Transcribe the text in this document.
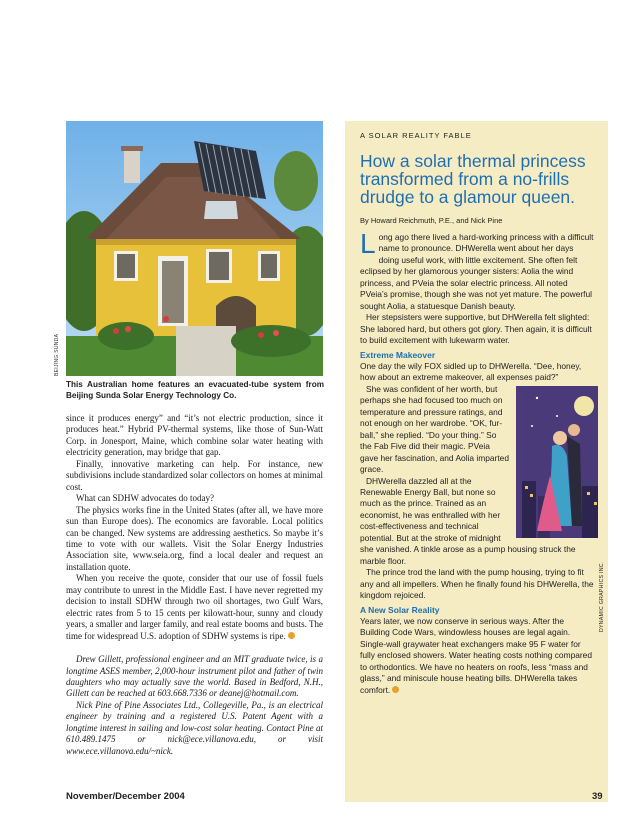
BEIJING SUNDA
This Australian home features an evacuated-tube system from Beijing Sunda Solar Energy Technology Co.

since it produces energy” and “it’s not electric production, since it produces heat.” Hybrid PV-thermal systems, like those of Sun-Watt Corp. in Jonesport, Maine, which combine solar water heating with electricity generation, may bridge that gap.

Finally, innovative marketing can help. For instance, new subdivisions include standardized solar collectors on homes at minimal cost.

What can SDHW advocates do today?

The physics works fine in the United States (after all, we have more sun than Europe does). The economics are favorable. Local politics can be changed. New systems are addressing aesthetics. So maybe it’s time to vote with our wallets. Visit the Solar Energy Industries Association site, www.seia.org, find a local dealer and request an installation quote.

When you receive the quote, consider that our use of fossil fuels may contribute to unrest in the Middle East. I have never regretted my decision to install SDHW through two oil shortages, two Gulf Wars, electric rates from 5 to 15 cents per kilowatt-hour, sunny and cloudy years, a smaller and larger family, and real estate booms and busts. The time for widespread U.S. adoption of SDHW systems is ripe.

Drew Gillett, professional engineer and an MIT graduate twice, is a longtime ASES member, 2,000-hour instrument pilot and father of twin daughters who may actually save the world. Based in Bedford, N.H., Gillett can be reached at 603.668.7336 or deanej@hotmail.com.

Nick Pine of Pine Associates Ltd., Collegeville, Pa., is an electrical engineer by training and a registered U.S. Patent Agent with a longtime interest in sailing and low-cost solar heating. Contact Pine at 610.489.1475 or nick@ece.villanova.edu, or visit www.ece.villanova.edu/~nick.

A SOLAR REALITY FABLE
How a solar thermal princess transformed from a no-frills drudge to a glamour queen.
By Howard Reichmuth, P.E., and Nick Pine

Long ago there lived a hard-working princess with a difficult name to pronounce. DHWerella went about her days doing useful work, with little excitement. She often felt eclipsed by her glamorous younger sisters: Aolia the wind princess, and PVeia the solar electric princess. All noted PVeia’s promise, though she was not yet mature. The powerful sought Aolia, a statuesque Danish beauty.

Her stepsisters were supportive, but DHWerella felt slighted: She labored hard, but others got glory. Then again, it is difficult to build excitement with lukewarm water.

Extreme Makeover

One day the wily FOX sidled up to DHWerella. “Dee, honey, how about an extreme makeover, all expenses paid?”

She was confident of her worth, but perhaps she had focused too much on temperature and pressure ratings, and not enough on her wardrobe. “OK, fur-ball,” she replied. “Do your thing.” So the Fab Five did their magic. PVeia gave her fascination, and Aolia imparted grace.

DHWerella dazzled all at the Renewable Energy Ball, but none so much as the prince. Trained as an economist, he was enthralled with her cost-effectiveness and technical potential. But at the stroke of midnight she vanished. A tinkle arose as a pump housing struck the marble floor.

The prince trod the land with the pump housing, trying to fit any and all impellers. When he finally found his DHWerella, the kingdom rejoiced.

A New Solar Reality

Years later, we now conserve in serious ways. After the Building Code Wars, windowless houses are legal again. Single-wall graywater heat exchangers make 95 F water for fully enclosed showers. Water heating costs nothing compared to orthodontics. We have no heaters on roofs, less “mass and glass,” and miniscule house heating bills. DHWerella takes comfort.

DYNAMIC GRAPHICS INC.
November/December 2004	39
